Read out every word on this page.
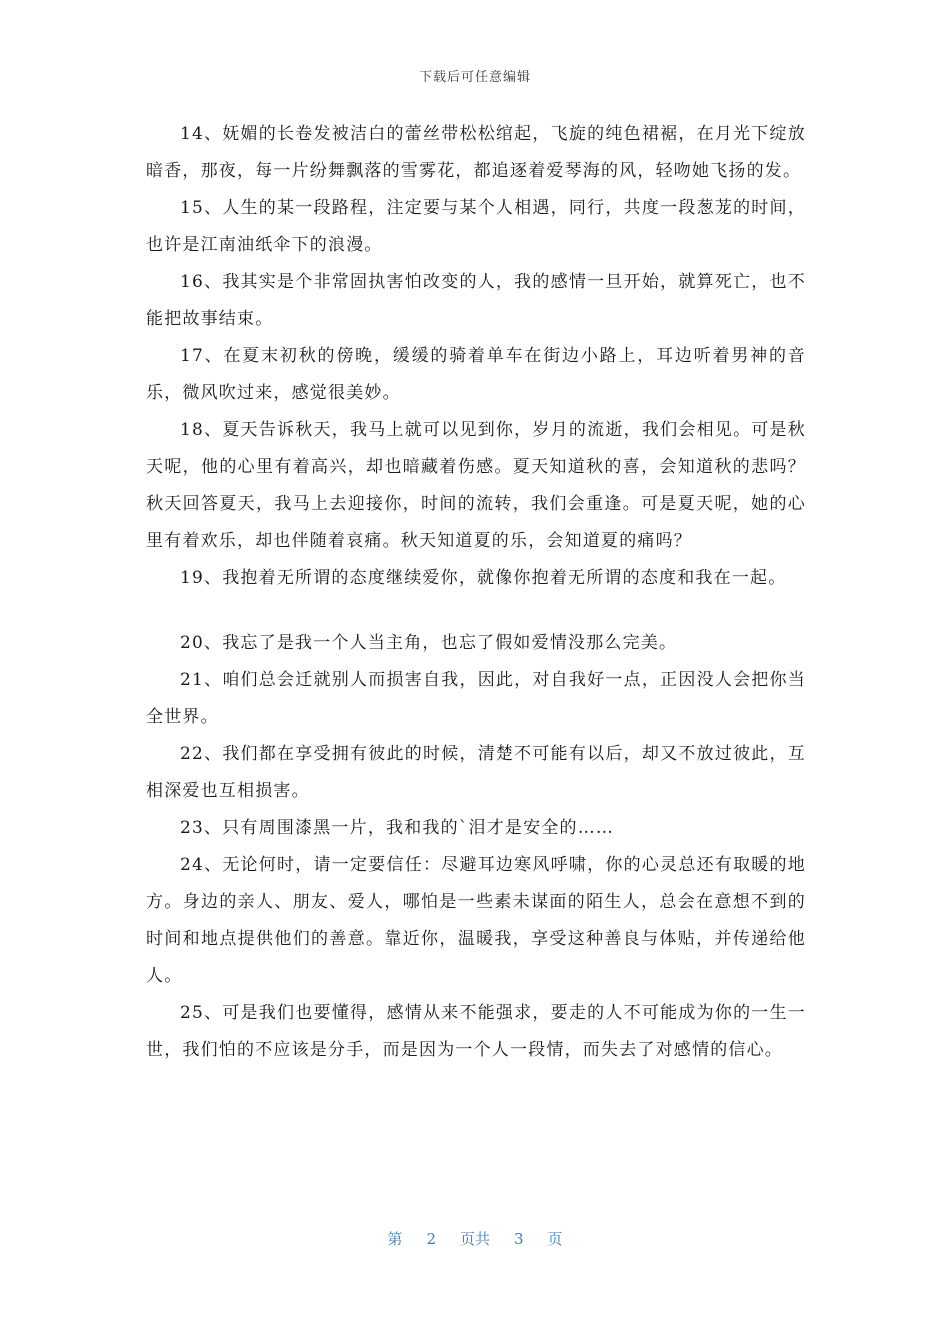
下载后可任意编辑

14、妩媚的长卷发被洁白的蕾丝带松松绾起，飞旋的纯色裙裾，在月光下绽放暗香，那夜，每一片纷舞飘落的雪雾花，都追逐着爱琴海的风，轻吻她飞扬的发。

15、人生的某一段路程，注定要与某个人相遇，同行，共度一段葱茏的时间，也许是江南油纸伞下的浪漫。

16、我其实是个非常固执害怕改变的人，我的感情一旦开始，就算死亡，也不能把故事结束。

17、在夏末初秋的傍晚，缓缓的骑着单车在街边小路上，耳边听着男神的音乐，微风吹过来，感觉很美妙。

18、夏天告诉秋天，我马上就可以见到你，岁月的流逝，我们会相见。可是秋天呢，他的心里有着高兴，却也暗藏着伤感。夏天知道秋的喜，会知道秋的悲吗？秋天回答夏天，我马上去迎接你，时间的流转，我们会重逢。可是夏天呢，她的心里有着欢乐，却也伴随着哀痛。秋天知道夏的乐，会知道夏的痛吗？

19、我抱着无所谓的态度继续爱你，就像你抱着无所谓的态度和我在一起。

20、我忘了是我一个人当主角，也忘了假如爱情没那么完美。

21、咱们总会迁就别人而损害自我，因此，对自我好一点，正因没人会把你当全世界。

22、我们都在享受拥有彼此的时候，清楚不可能有以后，却又不放过彼此，互相深爱也互相损害。

23、只有周围漆黑一片，我和我的`泪才是安全的……

24、无论何时，请一定要信任：尽避耳边寒风呼啸，你的心灵总还有取暖的地方。身边的亲人、朋友、爱人，哪怕是一些素未谋面的陌生人，总会在意想不到的时间和地点提供他们的善意。靠近你，温暖我，享受这种善良与体贴，并传递给他人。

25、可是我们也要懂得，感情从来不能强求，要走的人不可能成为你的一生一世，我们怕的不应该是分手，而是因为一个人一段情，而失去了对感情的信心。

第 2 页共 3 页
